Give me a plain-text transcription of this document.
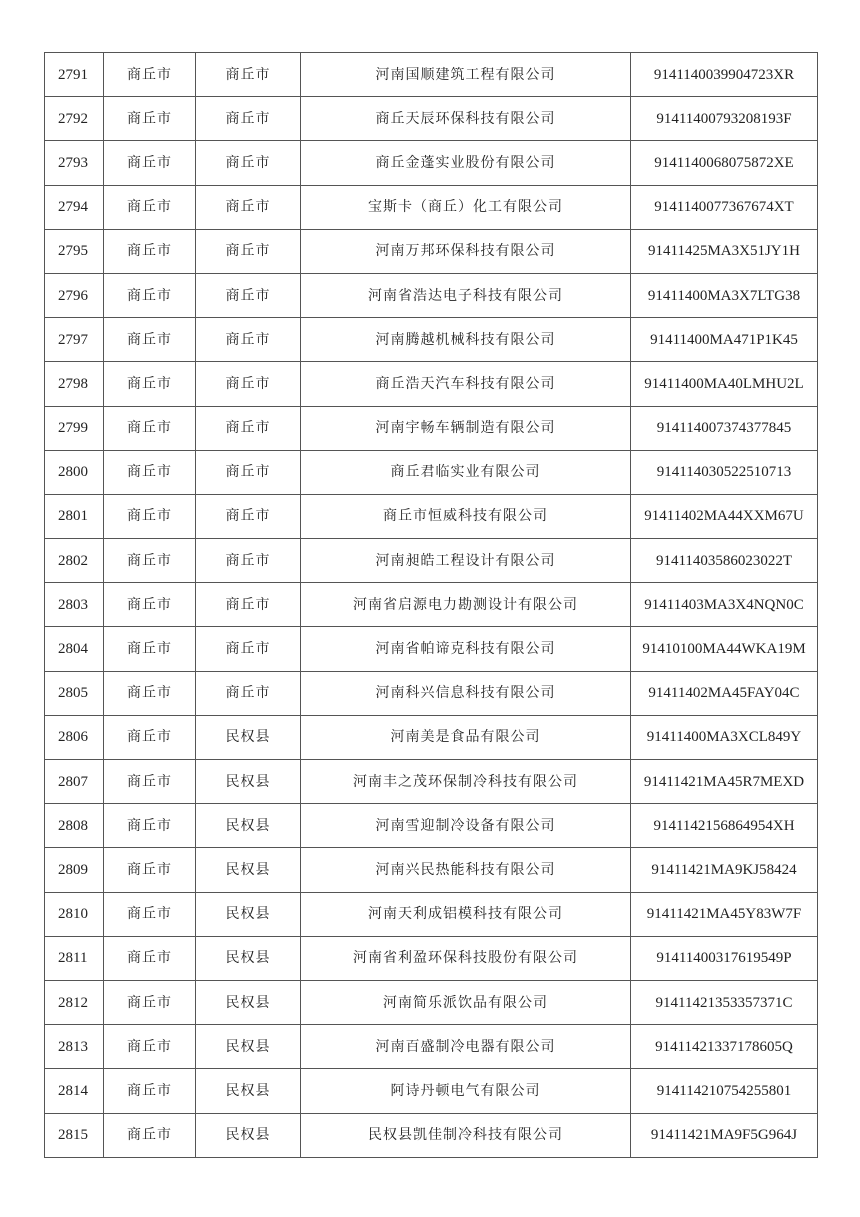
2791	商丘市	商丘市	河南国顺建筑工程有限公司	9141140039904723XR
2792	商丘市	商丘市	商丘天辰环保科技有限公司	91411400793208193F
2793	商丘市	商丘市	商丘金蓬实业股份有限公司	9141140068075872XE
2794	商丘市	商丘市	宝斯卡（商丘）化工有限公司	9141140077367674XT
2795	商丘市	商丘市	河南万邦环保科技有限公司	91411425MA3X51JY1H
2796	商丘市	商丘市	河南省浩达电子科技有限公司	91411400MA3X7LTG38
2797	商丘市	商丘市	河南腾越机械科技有限公司	91411400MA471P1K45
2798	商丘市	商丘市	商丘浩天汽车科技有限公司	91411400MA40LMHU2L
2799	商丘市	商丘市	河南宇畅车辆制造有限公司	914114007374377845
2800	商丘市	商丘市	商丘君临实业有限公司	914114030522510713
2801	商丘市	商丘市	商丘市恒威科技有限公司	91411402MA44XXM67U
2802	商丘市	商丘市	河南昶皓工程设计有限公司	91411403586023022T
2803	商丘市	商丘市	河南省启源电力勘测设计有限公司	91411403MA3X4NQN0C
2804	商丘市	商丘市	河南省帕谛克科技有限公司	91410100MA44WKA19M
2805	商丘市	商丘市	河南科兴信息科技有限公司	91411402MA45FAY04C
2806	商丘市	民权县	河南美是食品有限公司	91411400MA3XCL849Y
2807	商丘市	民权县	河南丰之茂环保制冷科技有限公司	91411421MA45R7MEXD
2808	商丘市	民权县	河南雪迎制冷设备有限公司	9141142156864954XH
2809	商丘市	民权县	河南兴民热能科技有限公司	91411421MA9KJ58424
2810	商丘市	民权县	河南天利成铝模科技有限公司	91411421MA45Y83W7F
2811	商丘市	民权县	河南省利盈环保科技股份有限公司	91411400317619549P
2812	商丘市	民权县	河南简乐派饮品有限公司	91411421353357371C
2813	商丘市	民权县	河南百盛制冷电器有限公司	91411421337178605Q
2814	商丘市	民权县	阿诗丹顿电气有限公司	914114210754255801
2815	商丘市	民权县	民权县凯佳制冷科技有限公司	91411421MA9F5G964J
